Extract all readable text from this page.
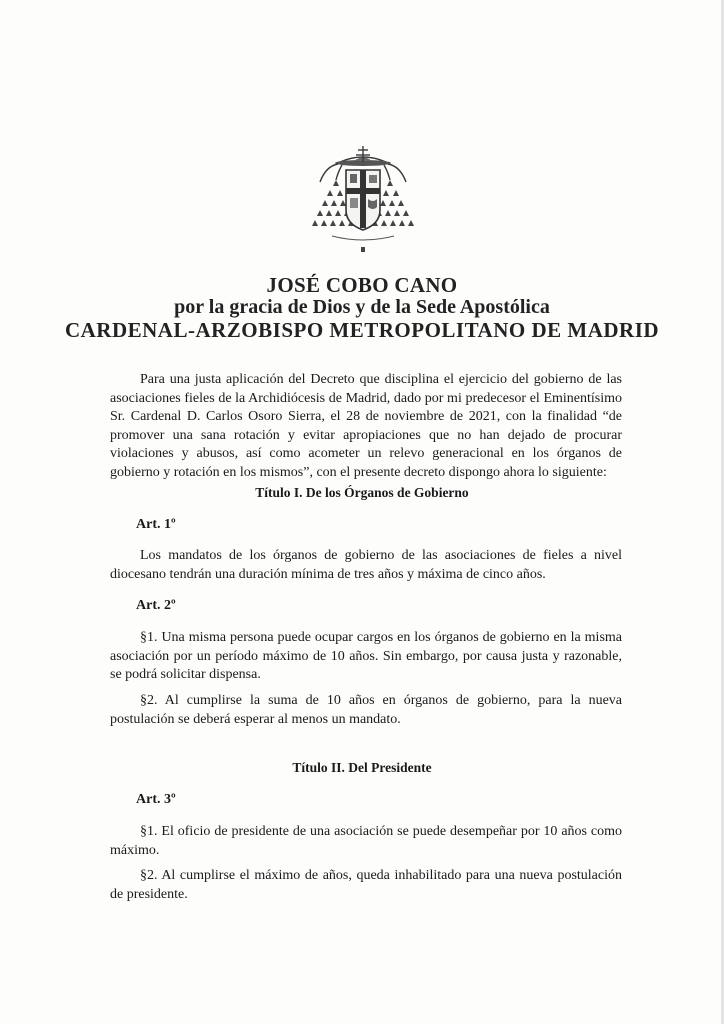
JOSÉ COBO CANO
por la gracia de Dios y de la Sede Apostólica
CARDENAL-ARZOBISPO METROPOLITANO DE MADRID

Para una justa aplicación del Decreto que disciplina el ejercicio del gobierno de las asociaciones fieles de la Archidiócesis de Madrid, dado por mi predecesor el Eminentísimo Sr. Cardenal D. Carlos Osoro Sierra, el 28 de noviembre de 2021, con la finalidad “de promover una sana rotación y evitar apropiaciones que no han dejado de procurar violaciones y abusos, así como acometer un relevo generacional en los órganos de gobierno y rotación en los mismos”, con el presente decreto dispongo ahora lo siguiente:

Título I. De los Órganos de Gobierno
Art. 1º

Los mandatos de los órganos de gobierno de las asociaciones de fieles a nivel diocesano tendrán una duración mínima de tres años y máxima de cinco años.

Art. 2º

§1. Una misma persona puede ocupar cargos en los órganos de gobierno en la misma asociación por un período máximo de 10 años. Sin embargo, por causa justa y razonable, se podrá solicitar dispensa.

§2. Al cumplirse la suma de 10 años en órganos de gobierno, para la nueva postulación se deberá esperar al menos un mandato.

Título II. Del Presidente
Art. 3º

§1. El oficio de presidente de una asociación se puede desempeñar por 10 años como máximo.

§2. Al cumplirse el máximo de años, queda inhabilitado para una nueva postulación de presidente.
